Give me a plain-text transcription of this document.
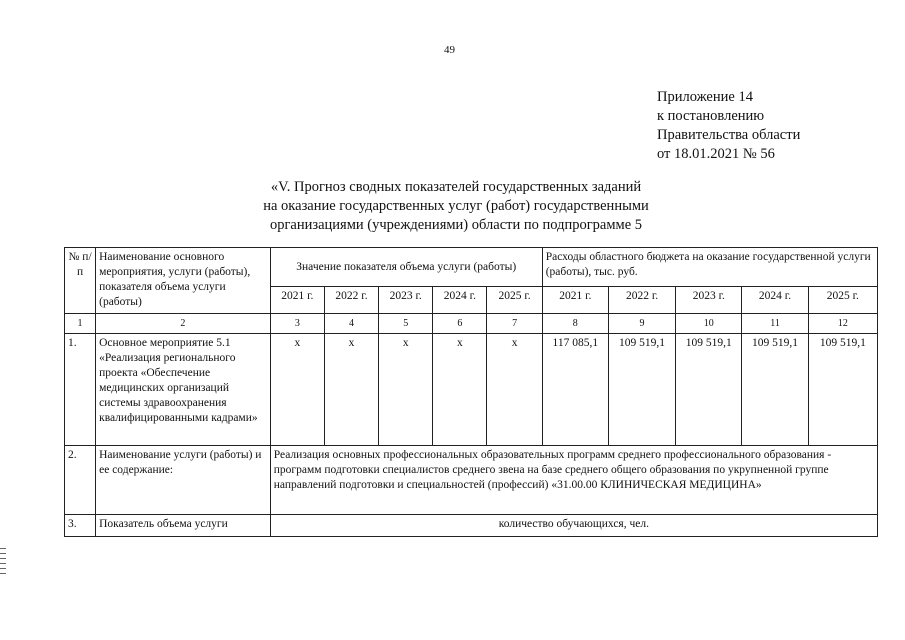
49
Приложение 14
к постановлению
Правительства области
от 18.01.2021 № 56
«V. Прогноз сводных показателей государственных заданий
на оказание государственных услуг (работ) государственными
организациями (учреждениями) области по подпрограмме 5
№ п/п	Наименование основного мероприятия, услуги (работы), показателя объема услуги (работы)	Значение показателя объема услуги (работы)					Расходы областного бюджета на оказание государственной услуги (работы), тыс. руб.				
		2021 г.	2022 г.	2023 г.	2024 г.	2025 г.	2021 г.	2022 г.	2023 г.	2024 г.	2025 г.
1	2	3	4	5	6	7	8	9	10	11	12
1.	Основное мероприятие 5.1 «Реализация регионального проекта «Обеспечение медицинских организаций системы здравоохранения квалифицированными кадрами»	x	x	x	x	x	117 085,1	109 519,1	109 519,1	109 519,1	109 519,1
2.	Наименование услуги (работы) и ее содержание:	Реализация основных профессиональных образовательных программ среднего профессионального образования - программ подготовки специалистов среднего звена на базе среднего общего образования по укрупненной группе направлений подготовки и специальностей (профессий) «31.00.00 КЛИНИЧЕСКАЯ МЕДИЦИНА»									
3.	Показатель объема услуги	количество обучающихся, чел.									
